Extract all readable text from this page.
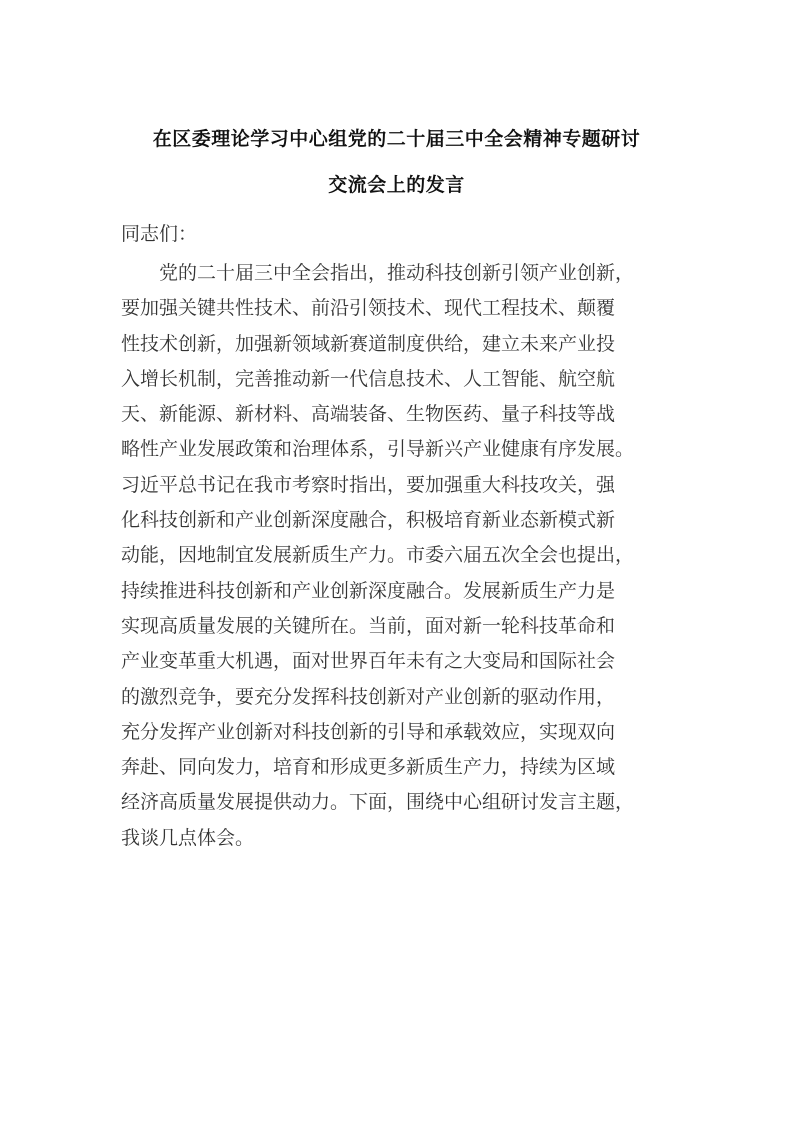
在区委理论学习中心组党的二十届三中全会精神专题研讨
交流会上的发言
同志们：
党的二十届三中全会指出，推动科技创新引领产业创新，
要加强关键共性技术、前沿引领技术、现代工程技术、颠覆
性技术创新，加强新领域新赛道制度供给，建立未来产业投
入增长机制，完善推动新一代信息技术、人工智能、航空航
天、新能源、新材料、高端装备、生物医药、量子科技等战
略性产业发展政策和治理体系，引导新兴产业健康有序发展。
习近平总书记在我市考察时指出，要加强重大科技攻关，强
化科技创新和产业创新深度融合，积极培育新业态新模式新
动能，因地制宜发展新质生产力。市委六届五次全会也提出，
持续推进科技创新和产业创新深度融合。发展新质生产力是
实现高质量发展的关键所在。当前，面对新一轮科技革命和
产业变革重大机遇，面对世界百年未有之大变局和国际社会
的激烈竞争，要充分发挥科技创新对产业创新的驱动作用，
充分发挥产业创新对科技创新的引导和承载效应，实现双向
奔赴、同向发力，培育和形成更多新质生产力，持续为区域
经济高质量发展提供动力。下面，围绕中心组研讨发言主题，
我谈几点体会。
